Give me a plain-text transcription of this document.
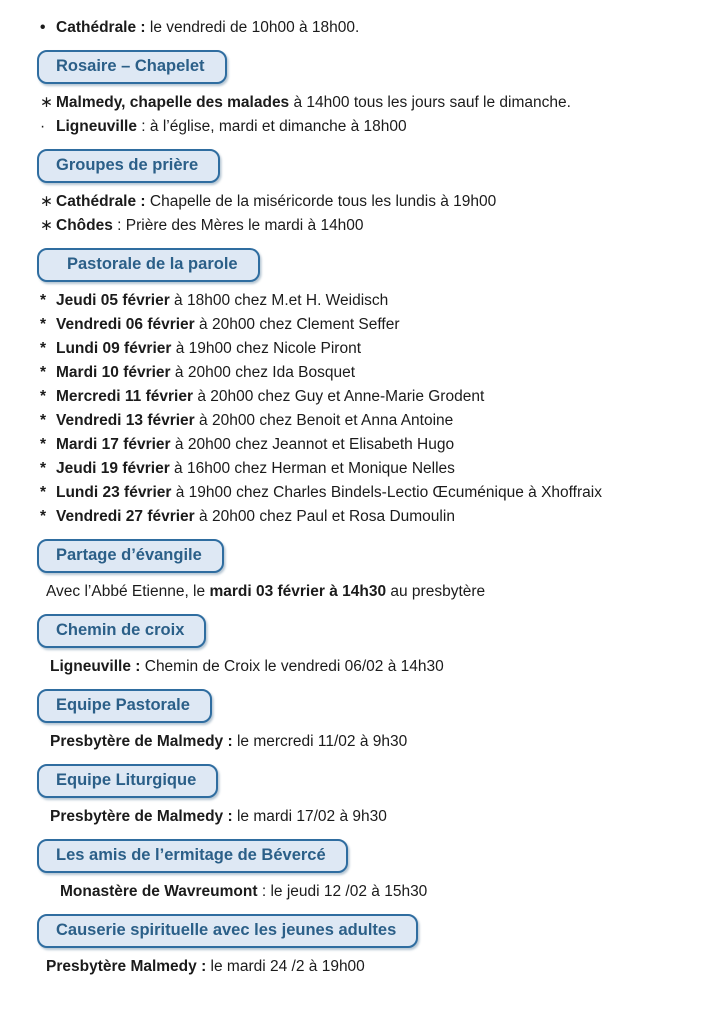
• Cathédrale : le vendredi de 10h00 à 18h00.
Rosaire – Chapelet
∗ Malmedy, chapelle des malades à 14h00 tous les jours sauf le dimanche.
· Ligneuville : à l’église, mardi et dimanche à 18h00
Groupes de prière
∗ Cathédrale : Chapelle de la miséricorde tous les lundis à 19h00
∗ Chôdes : Prière des Mères le mardi à 14h00
Pastorale de la parole
* Jeudi 05 février à 18h00 chez M.et H. Weidisch
* Vendredi 06 février à 20h00 chez Clement Seffer
* Lundi 09 février à 19h00 chez Nicole Piront
* Mardi 10 février à 20h00 chez Ida Bosquet
* Mercredi 11 février à 20h00 chez Guy et Anne-Marie Grodent
* Vendredi 13 février à 20h00 chez Benoit et Anna Antoine
* Mardi 17 février à 20h00 chez Jeannot et Elisabeth Hugo
* Jeudi 19 février à 16h00 chez Herman et Monique Nelles
* Lundi 23 février à 19h00 chez Charles Bindels-Lectio Œcuménique à Xhoffraix
* Vendredi 27 février à 20h00 chez Paul et Rosa Dumoulin
Partage d’évangile
Avec l’Abbé Etienne, le mardi 03 février à 14h30 au presbytère
Chemin de croix
Ligneuville : Chemin de Croix le vendredi 06/02 à 14h30
Equipe Pastorale
Presbytère de Malmedy : le mercredi 11/02 à 9h30
Equipe Liturgique
Presbytère de Malmedy : le mardi 17/02 à 9h30
Les amis de l’ermitage de Bévercé
Monastère de Wavreumont : le jeudi 12 /02 à 15h30
Causerie spirituelle avec les jeunes adultes
Presbytère Malmedy : le mardi 24 /2 à 19h00
